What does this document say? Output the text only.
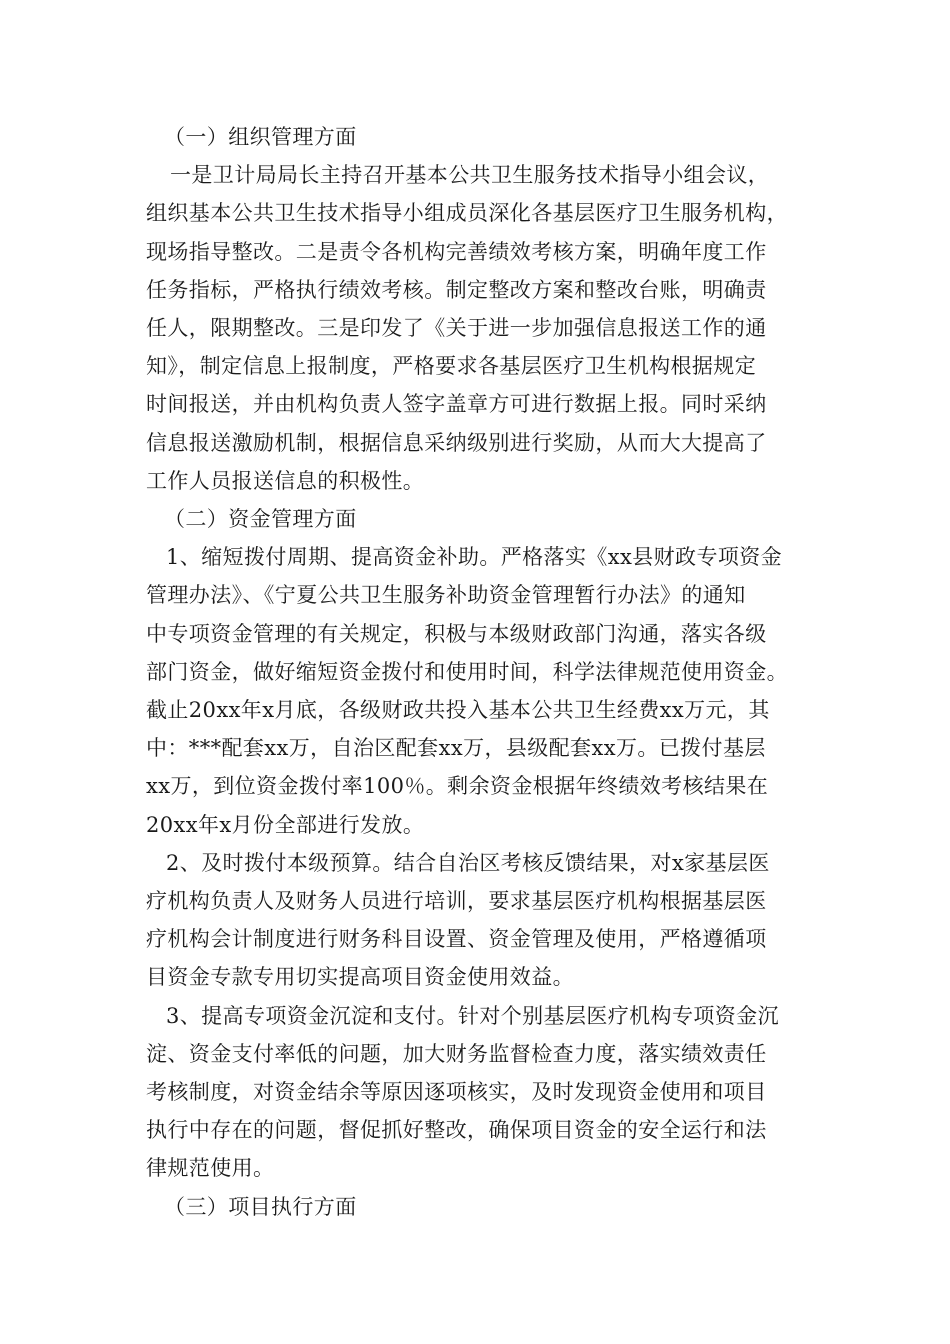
（一）组织管理方面
一是卫计局局长主持召开基本公共卫生服务技术指导小组会议，
组织基本公共卫生技术指导小组成员深化各基层医疗卫生服务机构，
现场指导整改。二是责令各机构完善绩效考核方案，明确年度工作
任务指标，严格执行绩效考核。制定整改方案和整改台账，明确责
任人，限期整改。三是印发了《关于进一步加强信息报送工作的通
知》，制定信息上报制度，严格要求各基层医疗卫生机构根据规定
时间报送，并由机构负责人签字盖章方可进行数据上报。同时采纳
信息报送激励机制，根据信息采纳级别进行奖励，从而大大提高了
工作人员报送信息的积极性。
（二）资金管理方面
1、缩短拨付周期、提高资金补助。严格落实《xx县财政专项资金
管理办法》、《宁夏公共卫生服务补助资金管理暂行办法》的通知
中专项资金管理的有关规定，积极与本级财政部门沟通，落实各级
部门资金，做好缩短资金拨付和使用时间，科学法律规范使用资金。
截止20xx年x月底，各级财政共投入基本公共卫生经费xx万元，其
中：***配套xx万，自治区配套xx万，县级配套xx万。已拨付基层
xx万，到位资金拨付率100％。剩余资金根据年终绩效考核结果在
20xx年x月份全部进行发放。
2、及时拨付本级预算。结合自治区考核反馈结果，对x家基层医
疗机构负责人及财务人员进行培训，要求基层医疗机构根据基层医
疗机构会计制度进行财务科目设置、资金管理及使用，严格遵循项
目资金专款专用切实提高项目资金使用效益。
3、提高专项资金沉淀和支付。针对个别基层医疗机构专项资金沉
淀、资金支付率低的问题，加大财务监督检查力度，落实绩效责任
考核制度，对资金结余等原因逐项核实，及时发现资金使用和项目
执行中存在的问题，督促抓好整改，确保项目资金的安全运行和法
律规范使用。
（三）项目执行方面
